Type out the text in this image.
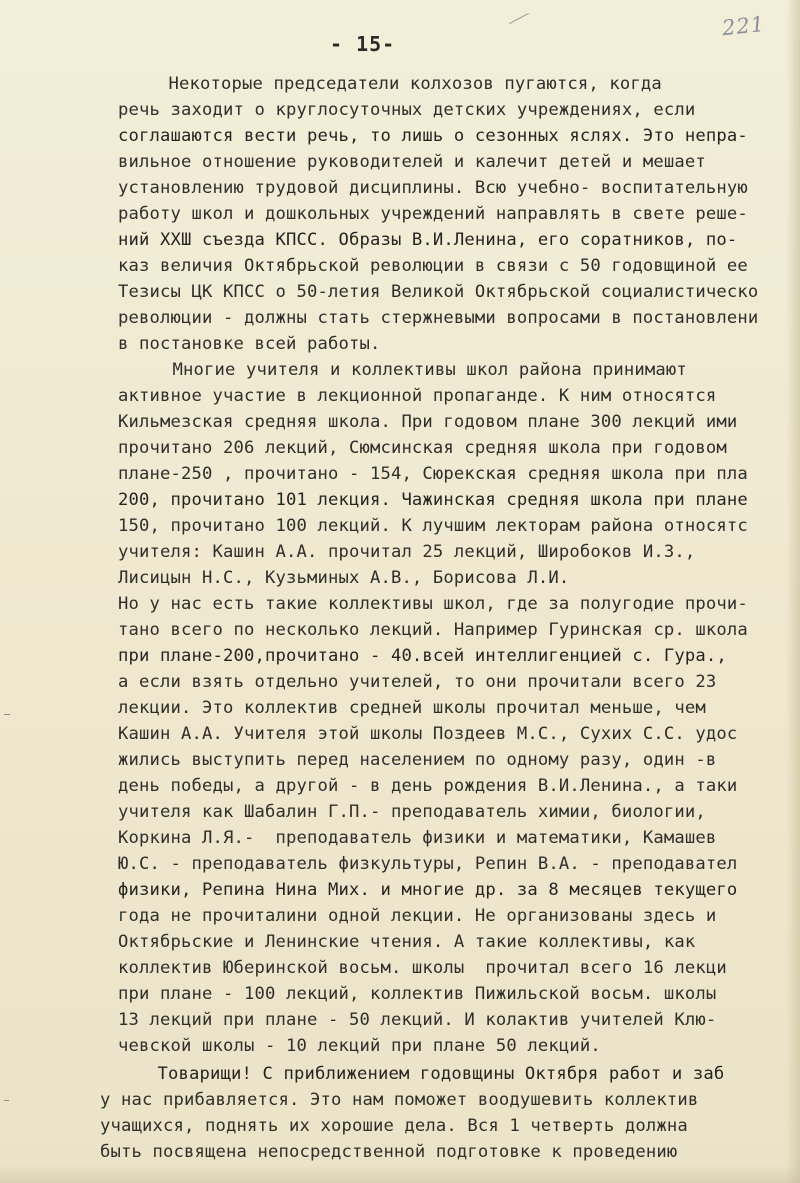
- 15-
221
Некоторые председатели колхозов пугаются, когда
речь заходит о круглосуточных детских учреждениях, если
соглашаются вести речь, то лишь о сезонных яслях. Это непра-
вильное отношение руководителей и калечит детей и мешает
установлению трудовой дисциплины. Всю учебно- воспитательную
работу школ и дошкольных учреждений направлять в свете реше-
ний XXШ съезда КПСС. Образы В.И.Ленина, его соратников, по-
каз величия Октябрьской революции в связи с 50 годовщиной ее
Тезисы ЦК КПСС о 50-летия Великой Октябрьской социалистическо
революции - должны стать стержневыми вопросами в постановлени
в постановке всей работы.
Многие учителя и коллективы школ района принимают
активное участие в лекционной пропаганде. К ним относятся
Кильмезская средняя школа. При годовом плане 300 лекций ими
прочитано 206 лекций, Сюмсинская средняя школа при годовом
плане-250 , прочитано - 154, Сюрекская средняя школа при пла
200, прочитано 101 лекция. Чажинская средняя школа при плане
150, прочитано 100 лекций. К лучшим лекторам района относятс
учителя: Кашин А.А. прочитал 25 лекций, Широбоков И.З.,
Лисицын Н.С., Кузьминых А.В., Борисова Л.И.
Но у нас есть такие коллективы школ, где за полугодие прочи-
тано всего по несколько лекций. Например Гуринская ср. школа
при плане-200,прочитано - 40.всей интеллигенцией с. Гура.,
а если взять отдельно учителей, то они прочитали всего 23
лекции. Это коллектив средней школы прочитал меньше, чем
Кашин А.А. Учителя этой школы Поздеев М.С., Сухих С.С. удос
жились выступить перед населением по одному разу, один -в
день победы, а другой - в день рождения В.И.Ленина., а таки
учителя как Шабалин Г.П.- преподаватель химии, биологии,
Коркина Л.Я.-  преподаватель физики и математики, Камашев
Ю.С. - преподаватель физкультуры, Репин В.А. - преподавател
физики, Репина Нина Мих. и многие др. за 8 месяцев текущего
года не прочиталини одной лекции. Не организованы здесь и
Октябрьские и Ленинские чтения. А такие коллективы, как
коллектив Юберинской восьм. школы  прочитал всего 16 лекци
при плане - 100 лекций, коллектив Пижильской восьм. школы
13 лекций при плане - 50 лекций. И колактив учителей Клю-
чевской школы - 10 лекций при плане 50 лекций.
Товарищи! С приближением годовщины Октября работ и заб
у нас прибавляется. Это нам поможет воодушевить коллектив
учащихся, поднять их хорошие дела. Вся 1 четверть должна
быть посвящена непосредственной подготовке к проведению
